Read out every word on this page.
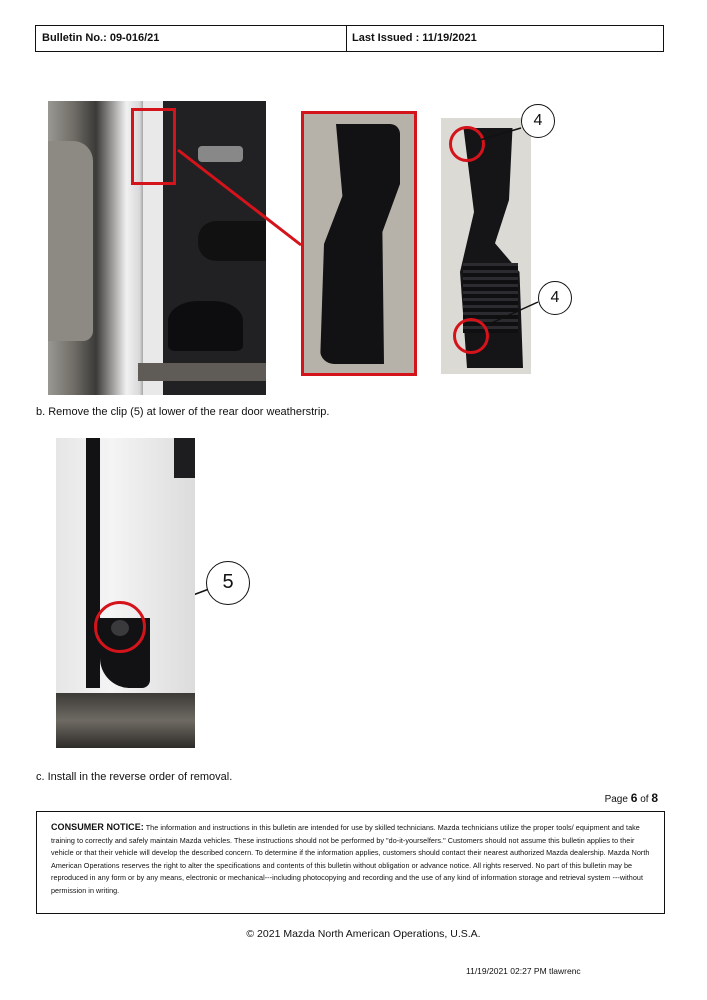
Bulletin No.: 09-016/21	Last Issued : 11/19/2021
4
4
b. Remove the clip (5) at lower of the rear door weatherstrip.
5
c. Install in the reverse order of removal.
Page 6 of 8
CONSUMER NOTICE: The information and instructions in this bulletin are intended for use by skilled technicians. Mazda technicians utilize the proper tools/ equipment and take training to correctly and safely maintain Mazda vehicles. These instructions should not be performed by "do-it-yourselfers." Customers should not assume this bulletin applies to their vehicle or that their vehicle will develop the described concern. To determine if the information applies, customers should contact their nearest authorized Mazda dealership. Mazda North American Operations reserves the right to alter the specifications and contents of this bulletin without obligation or advance notice. All rights reserved. No part of this bulletin may be reproduced in any form or by any means, electronic or mechanical---including photocopying and recording and the use of any kind of information storage and retrieval system ---without permission in writing.
© 2021 Mazda North American Operations, U.S.A.
11/19/2021 02:27 PM tlawrenc
